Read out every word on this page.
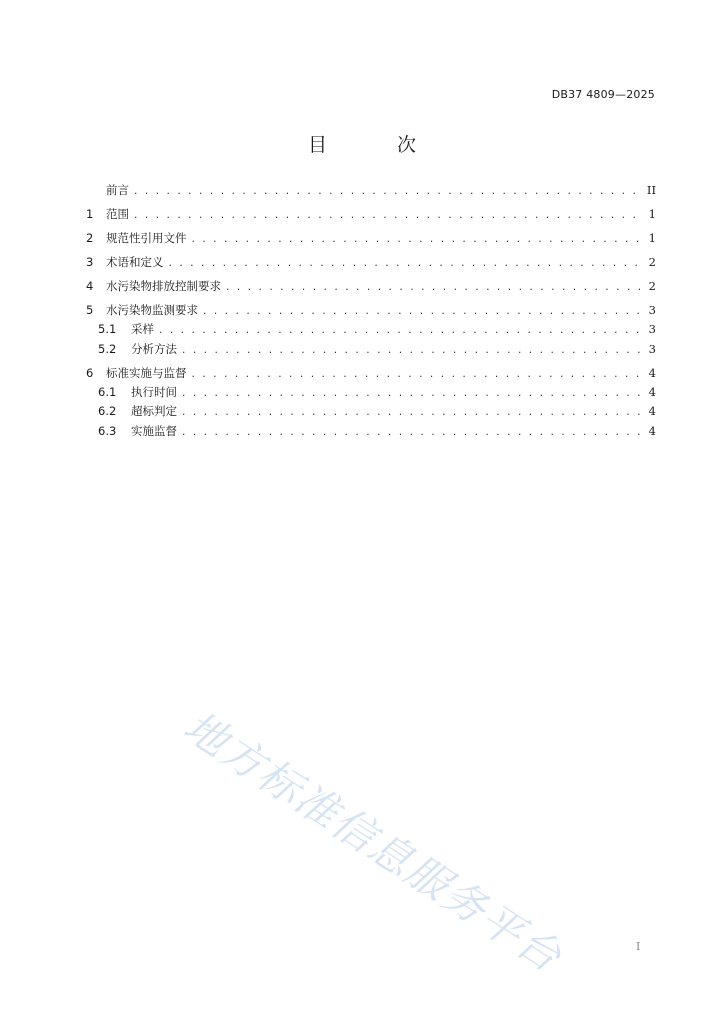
DB37 4809—2025
目 次
前言 . . .	II
1	范围 . . .	1
2	规范性引用文件 . . .	1
3	术语和定义 . . .	2
4	水污染物排放控制要求 . . .	2
5	水污染物监测要求 . . .	3
5.1	采样 . . .	3
5.2	分析方法 . . .	3
6	标准实施与监督 . . .	4
6.1	执行时间 . . .	4
6.2	超标判定 . . .	4
6.3	实施监督 . . .	4
地方标准信息服务平台	I
